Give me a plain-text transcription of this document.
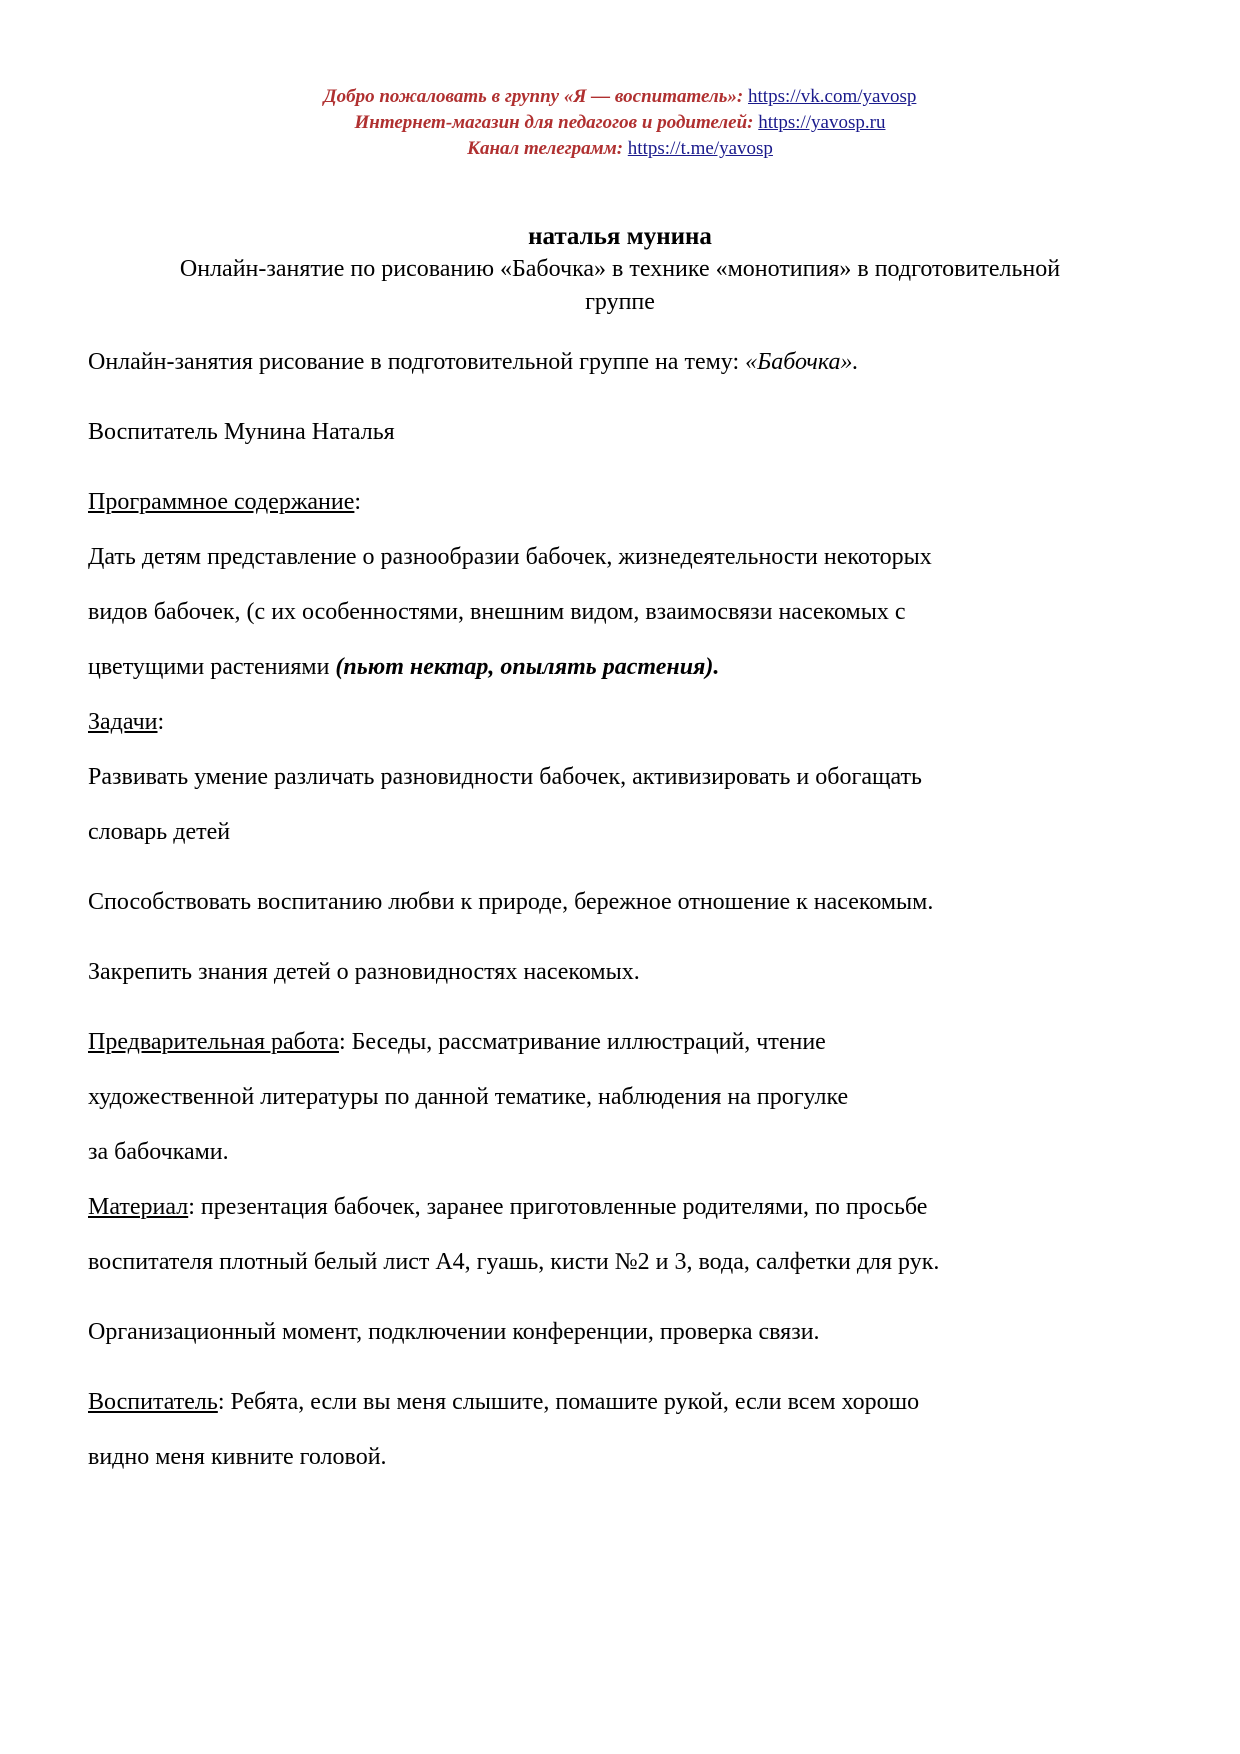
Добро пожаловать в группу «Я — воспитатель»: https://vk.com/yavosp
Интернет-магазин для педагогов и родителей: https://yavosp.ru
Канал телеграмм: https://t.me/yavosp
наталья мунина
Онлайн-занятие по рисованию «Бабочка» в технике «монотипия» в подготовительной
группе
Онлайн-занятия рисование в подготовительной группе на тему: «Бабочка».
Воспитатель Мунина Наталья
Программное содержание:
Дать детям представление о разнообразии бабочек, жизнедеятельности некоторых
видов бабочек, (с их особенностями, внешним видом, взаимосвязи насекомых с
цветущими растениями (пьют нектар, опылять растения).
Задачи:
Развивать умение различать разновидности бабочек, активизировать и обогащать
словарь детей
Способствовать воспитанию любви к природе, бережное отношение к насекомым.
Закрепить знания детей о разновидностях насекомых.
Предварительная работа: Беседы, рассматривание иллюстраций, чтение
художественной литературы по данной тематике, наблюдения на прогулке
за бабочками.
Материал: презентация бабочек, заранее приготовленные родителями, по просьбе
воспитателя плотный белый лист А4, гуашь, кисти №2 и 3, вода, салфетки для рук.
Организационный момент, подключении конференции, проверка связи.
Воспитатель: Ребята, если вы меня слышите, помашите рукой, если всем хорошо
видно меня кивните головой.
